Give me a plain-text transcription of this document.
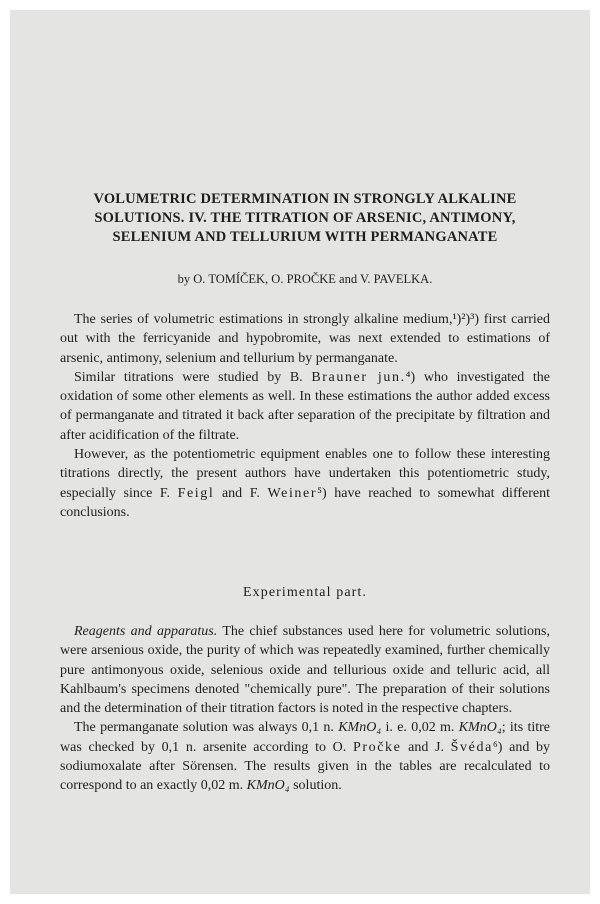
VOLUMETRIC DETERMINATION IN STRONGLY ALKALINE
SOLUTIONS. IV. THE TITRATION OF ARSENIC, ANTIMONY,
SELENIUM AND TELLURIUM WITH PERMANGANATE
by O. TOMÍČEK, O. PROČKE and V. PAVELKA.

The series of volumetric estimations in strongly alkaline medium,¹)²)³) first carried out with the ferricyanide and hypobromite, was next extended to estimations of arsenic, antimony, selenium and tellurium by permanganate.

Similar titrations were studied by B. Brauner jun.⁴) who investigated the oxidation of some other elements as well. In these estimations the author added excess of permanganate and titrated it back after separation of the precipitate by filtration and after acidification of the filtrate.

However, as the potentiometric equipment enables one to follow these interesting titrations directly, the present authors have undertaken this potentiometric study, especially since F. Feigl and F. Weiner⁵) have reached to somewhat different conclusions.

Experimental part.

Reagents and apparatus. The chief substances used here for volumetric solutions, were arsenious oxide, the purity of which was repeatedly examined, further chemically pure antimonyous oxide, selenious oxide and tellurious oxide and telluric acid, all Kahlbaum's specimens denoted "chemically pure". The preparation of their solutions and the determination of their titration factors is noted in the respective chapters.

The permanganate solution was always 0,1 n. KMnO₄ i. e. 0,02 m. KMnO₄; its titre was checked by 0,1 n. arsenite according to O. Pročke and J. Švéda⁶) and by sodiumoxalate after Sörensen. The results given in the tables are recalculated to correspond to an exactly 0,02 m. KMnO₄ solution.
